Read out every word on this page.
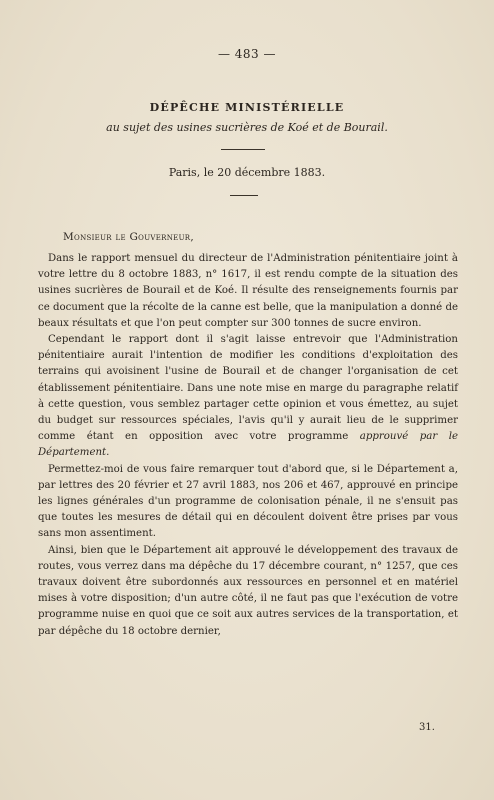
— 483 —
DÉPÊCHE MINISTÉRIELLE
au sujet des usines sucrières de Koé et de Bourail.
Paris, le 20 décembre 1883.
Monsieur le Gouverneur,

Dans le rapport mensuel du directeur de l'Administration pénitentiaire joint à votre lettre du 8 octobre 1883, n° 1617, il est rendu compte de la situation des usines sucrières de Bourail et de Koé. Il résulte des renseignements fournis par ce document que la récolte de la canne est belle, que la manipulation a donné de beaux résultats et que l'on peut compter sur 300 tonnes de sucre environ.

Cependant le rapport dont il s'agit laisse entrevoir que l'Administration pénitentiaire aurait l'intention de modifier les conditions d'exploitation des terrains qui avoisinent l'usine de Bourail et de changer l'organisation de cet établissement pénitentiaire. Dans une note mise en marge du paragraphe relatif à cette question, vous semblez partager cette opinion et vous émettez, au sujet du budget sur ressources spéciales, l'avis qu'il y aurait lieu de le supprimer comme étant en opposition avec votre programme approuvé par le Département.

Permettez-moi de vous faire remarquer tout d'abord que, si le Département a, par lettres des 20 février et 27 avril 1883, nos 206 et 467, approuvé en principe les lignes générales d'un programme de colonisation pénale, il ne s'ensuit pas que toutes les mesures de détail qui en découlent doivent être prises par vous sans mon assentiment.

Ainsi, bien que le Département ait approuvé le développement des travaux de routes, vous verrez dans ma dépêche du 17 décembre courant, n° 1257, que ces travaux doivent être subordonnés aux ressources en personnel et en matériel mises à votre disposition; d'un autre côté, il ne faut pas que l'exécution de votre programme nuise en quoi que ce soit aux autres services de la transportation, et par dépêche du 18 octobre dernier,

31.
